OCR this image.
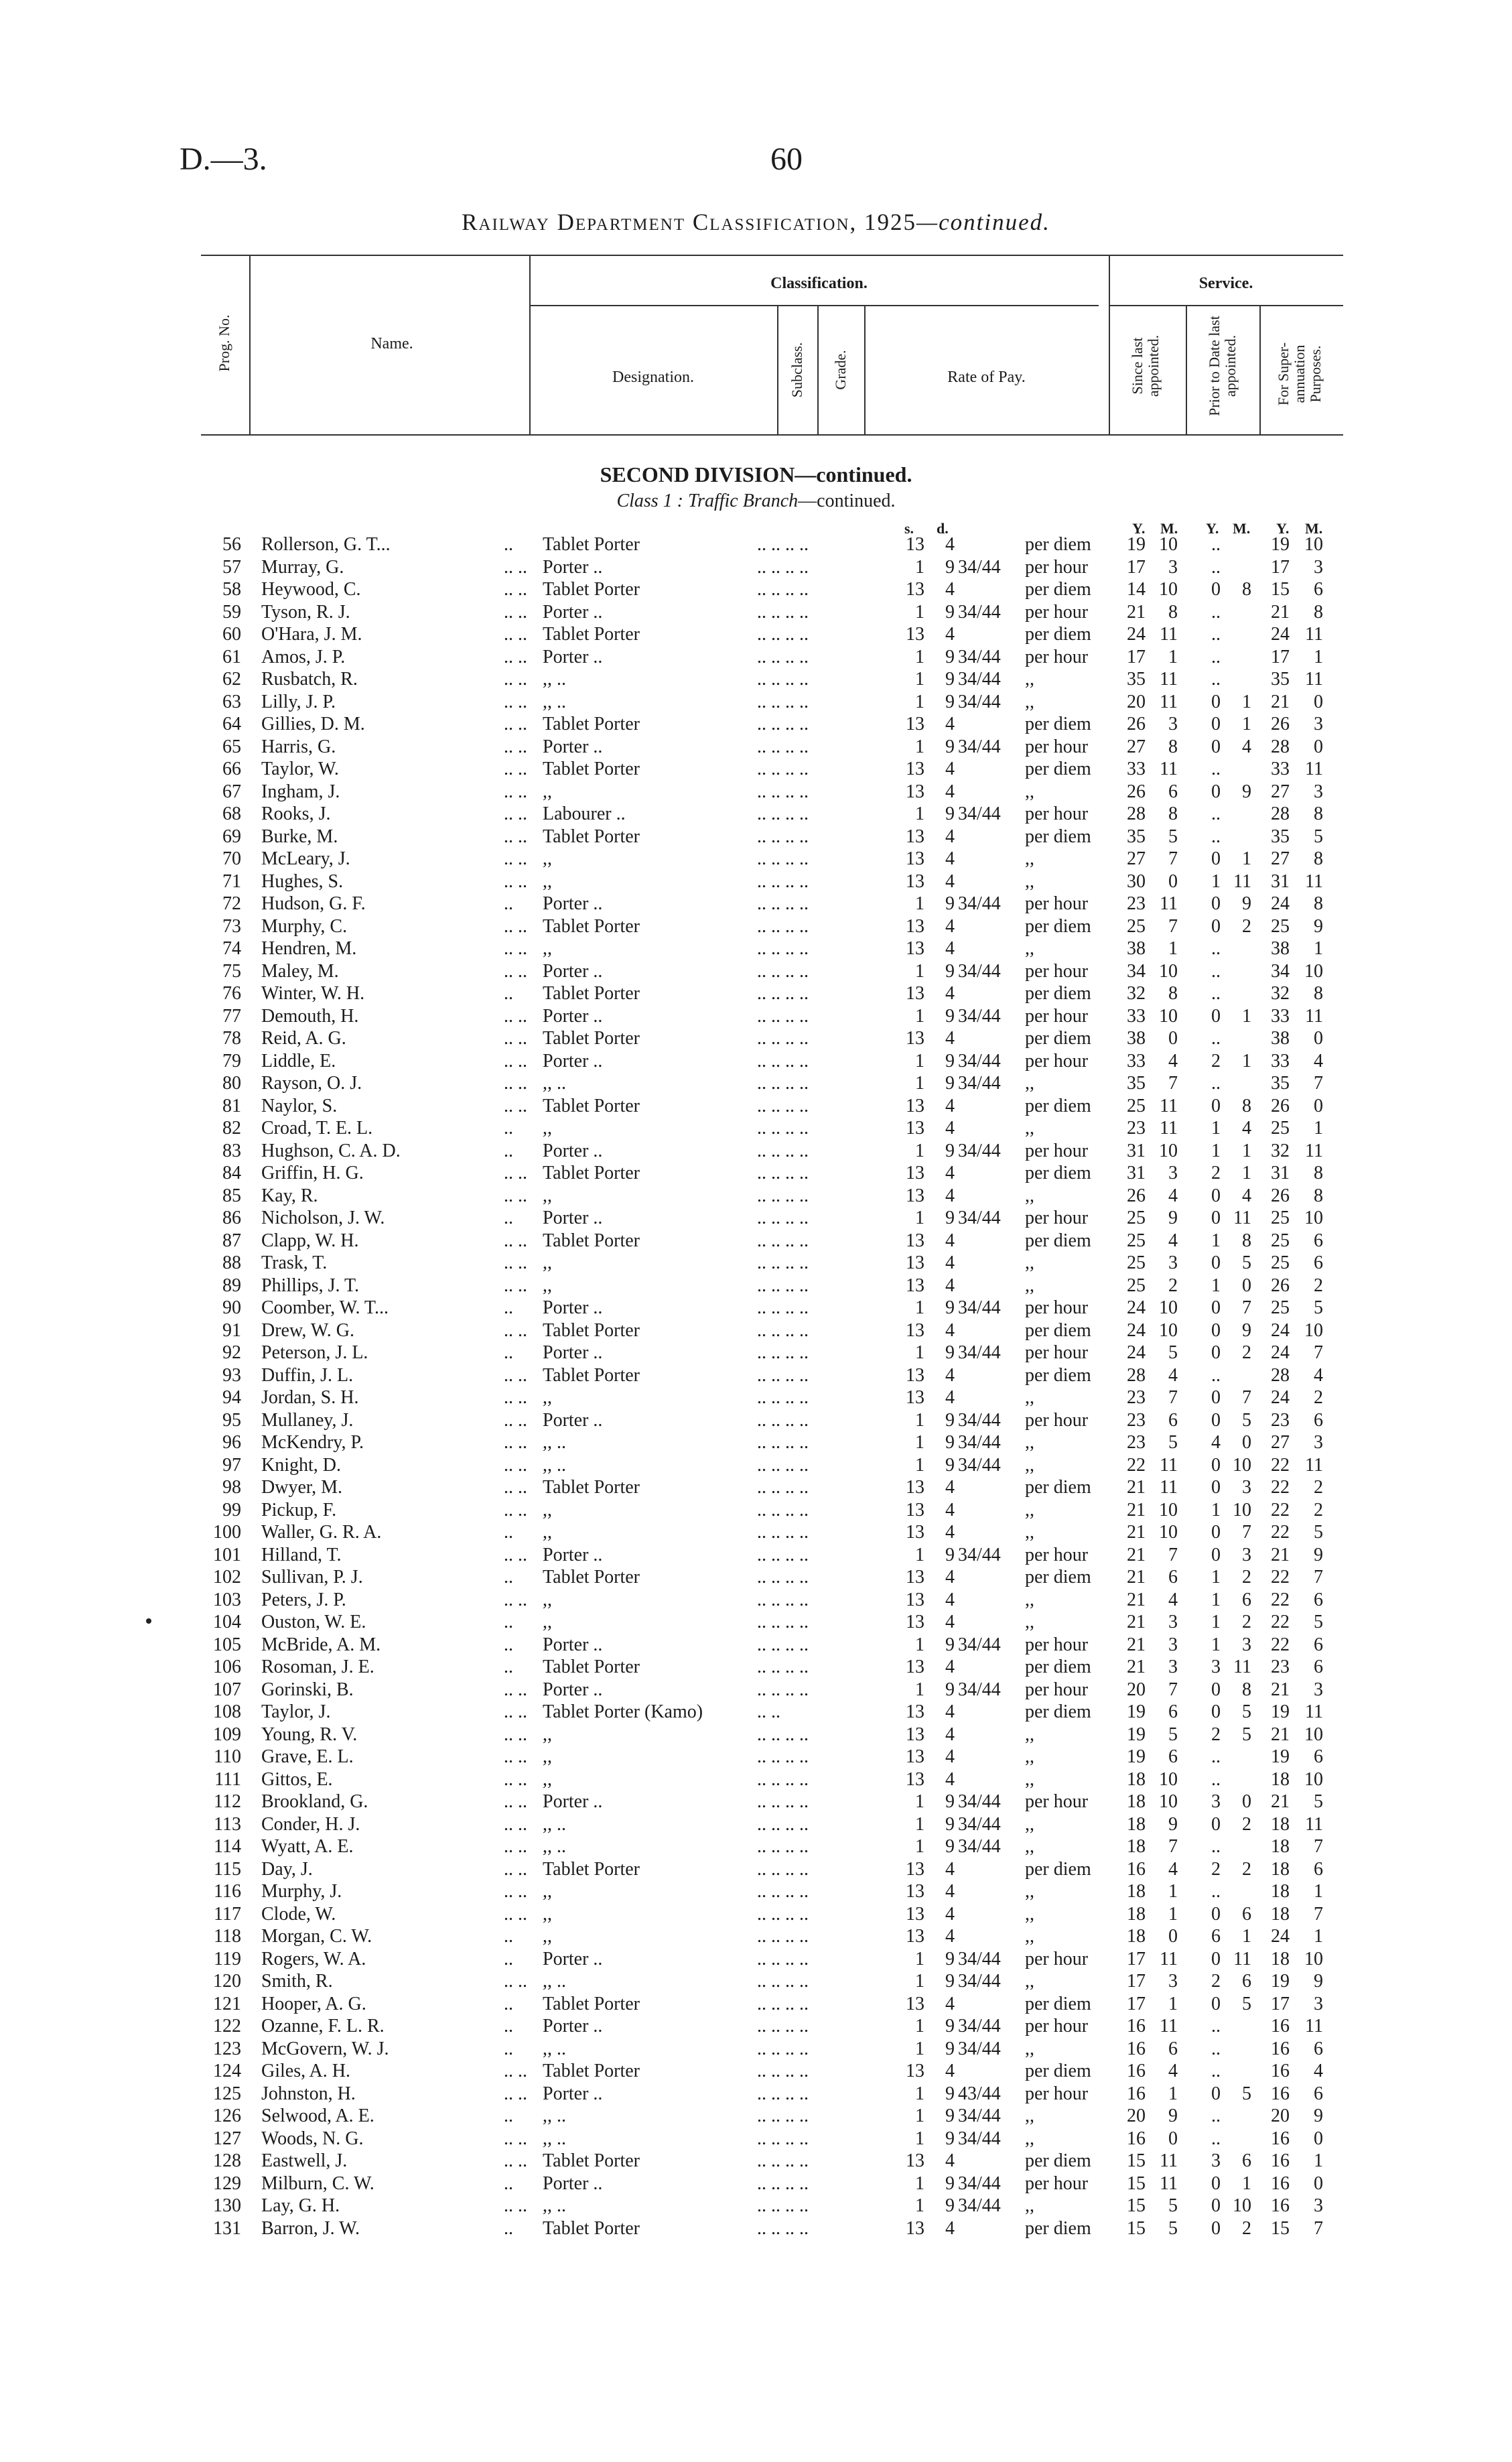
D.—3.	60
Railway Department Classification, 1925—continued.
Prog. No.	Name.
Classification.
Designation.	Subclass. Grade.	Rate of Pay.
Service.
Since last appointed.	Prior to Date last appointed. For Super-annuation Purposes.
SECOND DIVISION—continued.
Class 1 : Traffic Branch—continued.
s. d.	Y. M. Y. M. Y. M.
56 Rollerson, G. T...	.. Tablet Porter	.. .. .. ..	13	4	per diem	19 10	..	19 10
57 Murray, G.	.. .. Porter ..	.. .. .. ..	1	9 34/44 per hour	17	3	..	17	3
58 Heywood, C.	.. .. Tablet Porter	.. .. .. ..	13	4	per diem	14 10	0	8	15	6
59 Tyson, R. J.	.. .. Porter ..	.. .. .. ..	1	9 34/44 per hour	21	8	..	21	8
60 O'Hara, J. M.	.. .. Tablet Porter	.. .. .. ..	13	4	per diem	24 11	..	24 11
61 Amos, J. P.	.. .. Porter ..	.. .. .. ..	1	9 34/44 per hour	17	1	..	17	1
62 Rusbatch, R.	.. .. ,, ..	.. .. .. ..	1	9 34/44 ,,	35 11	..	35 11
63 Lilly, J. P.	.. .. ,, ..	.. .. .. ..	1	9 34/44 ,,	20 11	0	1	21	0
64 Gillies, D. M.	.. .. Tablet Porter	.. .. .. ..	13	4	per diem	26	3	0	1	26	3
65 Harris, G.	.. .. Porter ..	.. .. .. ..	1	9 34/44 per hour	27	8	0	4	28	0
66 Taylor, W.	.. .. Tablet Porter	.. .. .. ..	13	4	per diem	33 11	..	33 11
67 Ingham, J.	.. .. ,,	.. .. .. ..	13	4	,,	26	6	0	9	27	3
68 Rooks, J.	.. .. Labourer ..	.. .. .. ..	1	9 34/44 per hour	28	8	..	28	8
69 Burke, M.	.. .. Tablet Porter	.. .. .. ..	13	4	per diem	35	5	..	35	5
70 McLeary, J.	.. .. ,,	.. .. .. ..	13	4	,,	27	7	0	1	27	8
71 Hughes, S.	.. .. ,,	.. .. .. ..	13	4	,,	30	0	1 11	31 11
72 Hudson, G. F.	.. Porter ..	.. .. .. ..	1	9 34/44 per hour	23 11	0	9	24	8
73 Murphy, C.	.. .. Tablet Porter	.. .. .. ..	13	4	per diem	25	7	0	2	25	9
74 Hendren, M.	.. .. ,,	.. .. .. ..	13	4	,,	38	1	..	38	1
75 Maley, M.	.. .. Porter ..	.. .. .. ..	1	9 34/44 per hour	34 10	..	34 10
76 Winter, W. H.	.. Tablet Porter	.. .. .. ..	13	4	per diem	32	8	..	32	8
77 Demouth, H.	.. .. Porter ..	.. .. .. ..	1	9 34/44 per hour	33 10	0	1	33 11
78 Reid, A. G.	.. .. Tablet Porter	.. .. .. ..	13	4	per diem	38	0	..	38	0
79 Liddle, E.	.. .. Porter ..	.. .. .. ..	1	9 34/44 per hour	33	4	2	1	33	4
80 Rayson, O. J.	.. .. ,, ..	.. .. .. ..	1	9 34/44 ,,	35	7	..	35	7
81 Naylor, S.	.. .. Tablet Porter	.. .. .. ..	13	4	per diem	25 11	0	8	26	0
82 Croad, T. E. L.	.. ,,	.. .. .. ..	13	4	,,	23 11	1	4	25	1
83 Hughson, C. A. D.	.. Porter ..	.. .. .. ..	1	9 34/44 per hour	31 10	1	1	32 11
84 Griffin, H. G.	.. .. Tablet Porter	.. .. .. ..	13	4	per diem	31	3	2	1	31	8
85 Kay, R.	.. .. ,,	.. .. .. ..	13	4	,,	26	4	0	4	26	8
86 Nicholson, J. W.	.. Porter ..	.. .. .. ..	1	9 34/44 per hour	25	9	0 11	25 10
87 Clapp, W. H.	.. .. Tablet Porter	.. .. .. ..	13	4	per diem	25	4	1	8	25	6
88 Trask, T.	.. .. ,,	.. .. .. ..	13	4	,,	25	3	0	5	25	6
89 Phillips, J. T.	.. .. ,,	.. .. .. ..	13	4	,,	25	2	1	0	26	2
90 Coomber, W. T...	.. Porter ..	.. .. .. ..	1	9 34/44 per hour	24 10	0	7	25	5
91 Drew, W. G.	.. .. Tablet Porter	.. .. .. ..	13	4	per diem	24 10	0	9	24 10
92 Peterson, J. L.	.. Porter ..	.. .. .. ..	1	9 34/44 per hour	24	5	0	2	24	7
93 Duffin, J. L.	.. .. Tablet Porter	.. .. .. ..	13	4	per diem	28	4	..	28	4
94 Jordan, S. H.	.. .. ,,	.. .. .. ..	13	4	,,	23	7	0	7	24	2
95 Mullaney, J.	.. .. Porter ..	.. .. .. ..	1	9 34/44 per hour	23	6	0	5	23	6
96 McKendry, P.	.. .. ,, ..	.. .. .. ..	1	9 34/44 ,,	23	5	4	0	27	3
97 Knight, D.	.. .. ,, ..	.. .. .. ..	1	9 34/44 ,,	22 11	0 10	22 11
98 Dwyer, M.	.. .. Tablet Porter	.. .. .. ..	13	4	per diem	21 11	0	3	22	2
99 Pickup, F.	.. .. ,,	.. .. .. ..	13	4	,,	21 10	1 10	22	2
100 Waller, G. R. A.	.. ,,	.. .. .. ..	13	4	,,	21 10	0	7	22	5
101 Hilland, T.	.. .. Porter ..	.. .. .. ..	1	9 34/44 per hour	21	7	0	3	21	9
102 Sullivan, P. J.	.. Tablet Porter	.. .. .. ..	13	4	per diem	21	6	1	2	22	7
103 Peters, J. P.	.. .. ,,	.. .. .. ..	13	4	,,	21	4	1	6	22	6
104 Ouston, W. E.	.. ,,	.. .. .. ..	13	4	,,	21	3	1	2	22	5
105 McBride, A. M.	.. Porter ..	.. .. .. ..	1	9 34/44 per hour	21	3	1	3	22	6
106 Rosoman, J. E.	.. Tablet Porter	.. .. .. ..	13	4	per diem	21	3	3 11	23	6
107 Gorinski, B.	.. .. Porter ..	.. .. .. ..	1	9 34/44 per hour	20	7	0	8	21	3
108 Taylor, J.	.. .. Tablet Porter (Kamo)	.. ..	13	4	per diem	19	6	0	5	19 11
109 Young, R. V.	.. .. ,,	.. .. .. ..	13	4	,,	19	5	2	5	21 10
110 Grave, E. L.	.. .. ,,	.. .. .. ..	13	4	,,	19	6	..	19	6
111 Gittos, E.	.. .. ,,	.. .. .. ..	13	4	,,	18 10	..	18 10
112 Brookland, G.	.. .. Porter ..	.. .. .. ..	1	9 34/44 per hour	18 10	3	0	21	5
113 Conder, H. J.	.. .. ,, ..	.. .. .. ..	1	9 34/44 ,,	18	9	0	2	18 11
114 Wyatt, A. E.	.. .. ,, ..	.. .. .. ..	1	9 34/44 ,,	18	7	..	18	7
115 Day, J.	.. .. Tablet Porter	.. .. .. ..	13	4	per diem	16	4	2	2	18	6
116 Murphy, J.	.. .. ,,	.. .. .. ..	13	4	,,	18	1	..	18	1
117 Clode, W.	.. .. ,,	.. .. .. ..	13	4	,,	18	1	0	6	18	7
118 Morgan, C. W.	.. ,,	.. .. .. ..	13	4	,,	18	0	6	1	24	1
119 Rogers, W. A.	.. Porter ..	.. .. .. ..	1	9 34/44 per hour	17 11	0 11	18 10
120 Smith, R.	.. .. ,, ..	.. .. .. ..	1	9 34/44 ,,	17	3	2	6	19	9
121 Hooper, A. G.	.. Tablet Porter	.. .. .. ..	13	4	per diem	17	1	0	5	17	3
122 Ozanne, F. L. R.	.. Porter ..	.. .. .. ..	1	9 34/44 per hour	16 11	..	16 11
123 McGovern, W. J.	.. ,, ..	.. .. .. ..	1	9 34/44 ,,	16	6	..	16	6
124 Giles, A. H.	.. .. Tablet Porter	.. .. .. ..	13	4	per diem	16	4	..	16	4
125 Johnston, H.	.. .. Porter ..	.. .. .. ..	1	9 43/44 per hour	16	1	0	5	16	6
126 Selwood, A. E.	.. ,, ..	.. .. .. ..	1	9 34/44 ,,	20	9	..	20	9
127 Woods, N. G.	.. .. ,, ..	.. .. .. ..	1	9 34/44 ,,	16	0	..	16	0
128 Eastwell, J.	.. .. Tablet Porter	.. .. .. ..	13	4	per diem	15 11	3	6	16	1
129 Milburn, C. W.	.. Porter ..	.. .. .. ..	1	9 34/44 per hour	15 11	0	1	16	0
130 Lay, G. H.	.. .. ,, ..	.. .. .. ..	1	9 34/44 ,,	15	5	0 10	16	3
131 Barron, J. W.	.. Tablet Porter	.. .. .. ..	13	4	per diem	15	5	0	2	15	7
